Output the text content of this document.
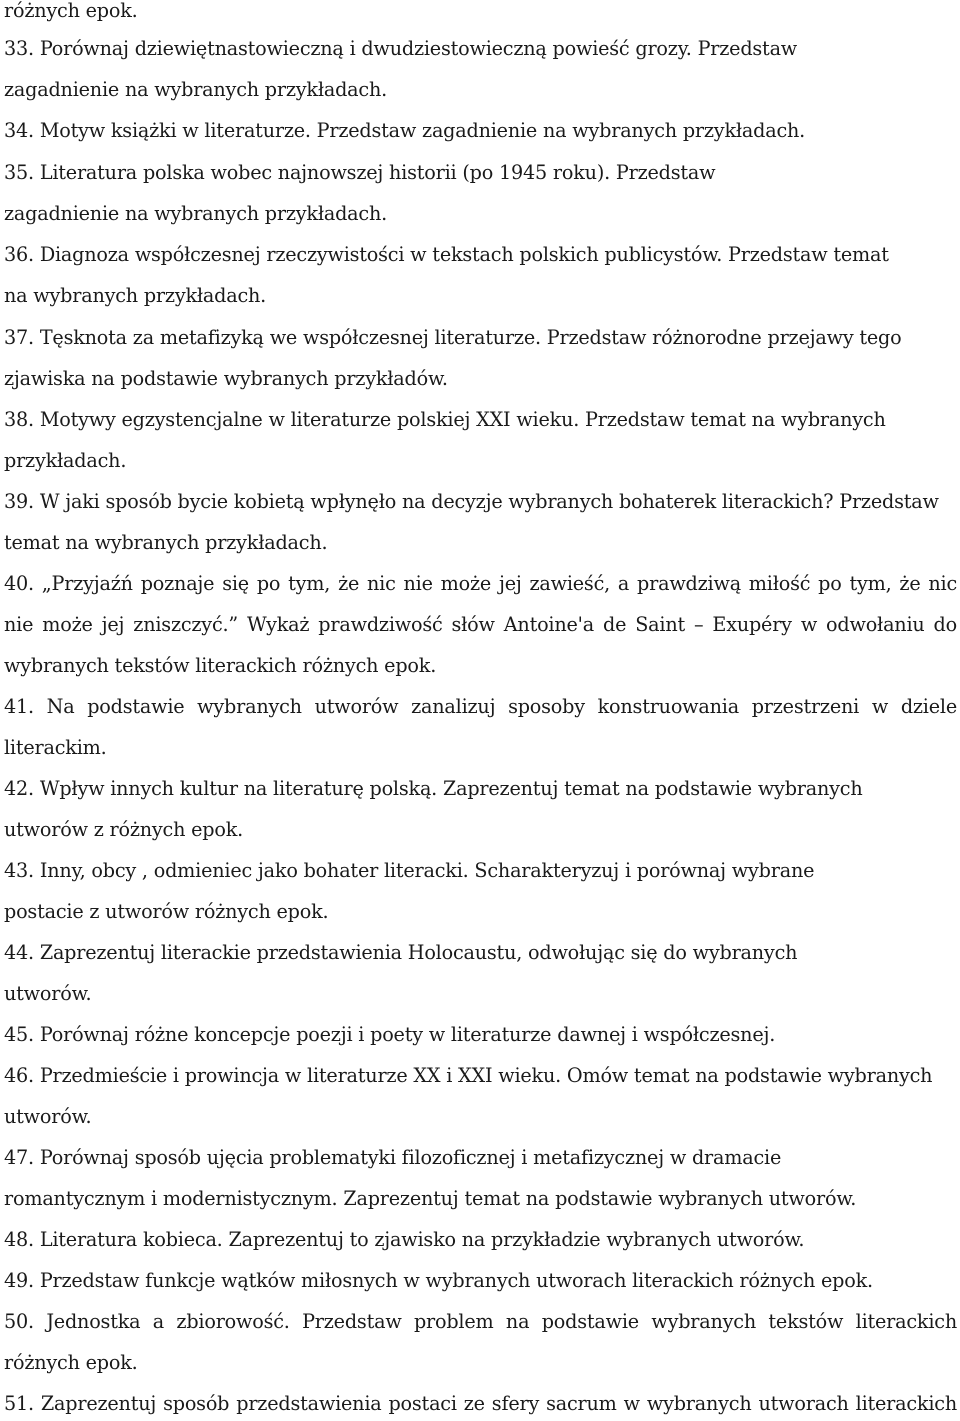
różnych epok.
33. Porównaj dziewiętnastowieczną i dwudziestowieczną powieść grozy. Przedstaw
zagadnienie na wybranych przykładach.
34. Motyw książki w literaturze. Przedstaw zagadnienie na wybranych przykładach.
35. Literatura polska wobec najnowszej historii (po 1945 roku). Przedstaw
zagadnienie na wybranych przykładach.
36. Diagnoza współczesnej rzeczywistości w tekstach polskich publicystów. Przedstaw temat
na wybranych przykładach.
37. Tęsknota za metafizyką we współczesnej literaturze. Przedstaw różnorodne przejawy tego
zjawiska na podstawie wybranych przykładów.
38. Motywy egzystencjalne w literaturze polskiej XXI wieku. Przedstaw temat na wybranych
przykładach.
39. W jaki sposób bycie kobietą wpłynęło na decyzje wybranych bohaterek literackich? Przedstaw
temat na wybranych przykładach.
40. „Przyjaźń poznaje się po tym, że nic nie może jej zawieść, a prawdziwą miłość po tym, że nic
nie może jej zniszczyć.” Wykaż prawdziwość słów Antoine'a de Saint – Exupéry w odwołaniu do
wybranych tekstów literackich różnych epok.
41. Na podstawie wybranych utworów zanalizuj sposoby konstruowania przestrzeni w dziele
literackim.
42. Wpływ innych kultur na literaturę polską. Zaprezentuj temat na podstawie wybranych
utworów z różnych epok.
43. Inny, obcy , odmieniec jako bohater literacki. Scharakteryzuj i porównaj wybrane
postacie z utworów różnych epok.
44. Zaprezentuj literackie przedstawienia Holocaustu, odwołując się do wybranych
utworów.
45. Porównaj różne koncepcje poezji i poety w literaturze dawnej i współczesnej.
46. Przedmieście i prowincja w literaturze XX i XXI wieku. Omów temat na podstawie wybranych
utworów.
47. Porównaj sposób ujęcia problematyki filozoficznej i metafizycznej w dramacie
romantycznym i modernistycznym. Zaprezentuj temat na podstawie wybranych utworów.
48. Literatura kobieca. Zaprezentuj to zjawisko na przykładzie wybranych utworów.
49. Przedstaw funkcje wątków miłosnych w wybranych utworach literackich różnych epok.
50. Jednostka a zbiorowość. Przedstaw problem na podstawie wybranych tekstów literackich
różnych epok.
51. Zaprezentuj sposób przedstawienia postaci ze sfery sacrum w wybranych utworach literackich
